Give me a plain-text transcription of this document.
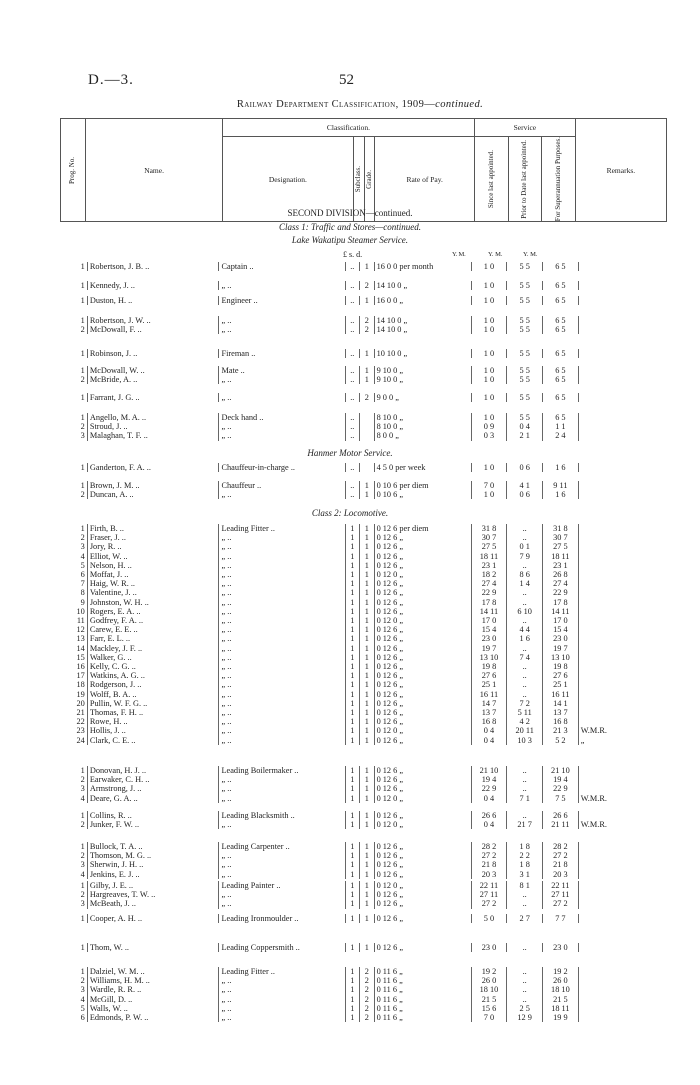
D.—3.	52
Railway Department Classification, 1909—continued.
Prog. No.	Name.	Classification.				Service			Remarks.
		Designation.	Subclass.	Grade.	Rate of Pay.	Since last appointed.	Prior to Date last appointed.	For Superannuation Purposes.	
SECOND DIVISION—continued.
Class 1: Traffic and Stores—continued.
Lake Wakatipu Steamer Service.
£ s. d.	Y. M.	Y. M.	Y. M.
Hanmer Motor Service.
Class 2: Locomotive.
1	Robertson, J. B. ..	Captain ..	..	1	16 0 0 per month	1 0	5 5	6 5	
1	Kennedy, J. ..	„ ..	..	2	14 10 0 „	1 0	5 5	6 5	
1	Duston, H. ..	Engineer ..	..	1	16 0 0 „	1 0	5 5	6 5	
1	Robertson, J. W. ..	„ ..	..	2	14 10 0 „	1 0	5 5	6 5	
2	McDowall, F. ..	„ ..	..	2	14 10 0 „	1 0	5 5	6 5	
1	Robinson, J. ..	Fireman ..	..	1	10 10 0 „	1 0	5 5	6 5	
1	McDowall, W. ..	Mate ..	..	1	9 10 0 „	1 0	5 5	6 5	
2	McBride, A. ..	„ ..	..	1	9 10 0 „	1 0	5 5	6 5	
1	Farrant, J. G. ..	„ ..	..	2	9 0 0 „	1 0	5 5	6 5	
1	Angello, M. A. ..	Deck hand ..	..		8 10 0 „	1 0	5 5	6 5	
2	Stroud, J. ..	„ ..	..		8 10 0 „	0 9	0 4	1 1	
3	Malaghan, T. F. ..	„ ..	..		8 0 0 „	0 3	2 1	2 4	
1	Ganderton, F. A. ..	Chauffeur-in-charge ..	..		4 5 0 per week	1 0	0 6	1 6	
1	Brown, J. M. ..	Chauffeur ..	..	1	0 10 6 per diem	7 0	4 1	9 11	
2	Duncan, A. ..	„ ..	..	1	0 10 6 „	1 0	0 6	1 6	
1	Firth, B. ..	Leading Fitter ..	1	1	0 12 6 per diem	31 8	..	31 8	
2	Fraser, J. ..	„ ..	1	1	0 12 6 „	30 7	..	30 7	
3	Jory, R. ..	„ ..	1	1	0 12 6 „	27 5	0 1	27 5	
4	Elliot, W. ..	„ ..	1	1	0 12 6 „	18 11	7 9	18 11	
5	Nelson, H. ..	„ ..	1	1	0 12 6 „	23 1	..	23 1	
6	Moffat, J. ..	„ ..	1	1	0 12 0 „	18 2	8 6	26 8	
7	Haig, W. R. ..	„ ..	1	1	0 12 6 „	27 4	1 4	27 4	
8	Valentine, J. ..	„ ..	1	1	0 12 6 „	22 9	..	22 9	
9	Johnston, W. H. ..	„ ..	1	1	0 12 6 „	17 8	..	17 8	
10	Rogers, E. A. ..	„ ..	1	1	0 12 6 „	14 11	6 10	14 11	
11	Godfrey, F. A. ..	„ ..	1	1	0 12 0 „	17 0	..	17 0	
12	Carew, E. E. ..	„ ..	1	1	0 12 6 „	15 4	4 4	15 4	
13	Farr, E. L. ..	„ ..	1	1	0 12 6 „	23 0	1 6	23 0	
14	Mackley, J. F. ..	„ ..	1	1	0 12 6 „	19 7	..	19 7	
15	Walker, G. ..	„ ..	1	1	0 12 6 „	13 10	7 4	13 10	
16	Kelly, C. G. ..	„ ..	1	1	0 12 6 „	19 8	..	19 8	
17	Watkins, A. G. ..	„ ..	1	1	0 12 6 „	27 6	..	27 6	
18	Rodgerson, J. ..	„ ..	1	1	0 12 6 „	25 1	..	25 1	
19	Wolff, B. A. ..	„ ..	1	1	0 12 6 „	16 11	..	16 11	
20	Pullin, W. F. G. ..	„ ..	1	1	0 12 6 „	14 7	7 2	14 1	
21	Thomas, F. H. ..	„ ..	1	1	0 12 6 „	13 7	5 11	13 7	
22	Rowe, H. ..	„ ..	1	1	0 12 6 „	16 8	4 2	16 8	
23	Hollis, J. ..	„ ..	1	1	0 12 0 „	0 4	20 11	21 3	W.M.R.
24	Clark, C. E. ..	„ ..	1	1	0 12 6 „	0 4	10 3	5 2	„
1	Donovan, H. J. ..	Leading Boilermaker ..	1	1	0 12 6 „	21 10	..	21 10	
2	Earwaker, C. H. ..	„ ..	1	1	0 12 6 „	19 4	..	19 4	
3	Armstrong, J. ..	„ ..	1	1	0 12 6 „	22 9	..	22 9	
4	Deare, G. A. ..	„ ..	1	1	0 12 0 „	0 4	7 1	7 5	W.M.R.
1	Collins, R. ..	Leading Blacksmith ..	1	1	0 12 6 „	26 6	..	26 6	
2	Junker, F. W. ..	„ ..	1	1	0 12 0 „	0 4	21 7	21 11	W.M.R.
1	Bullock, T. A. ..	Leading Carpenter ..	1	1	0 12 6 „	28 2	1 8	28 2	
2	Thomson, M. G. ..	„ ..	1	1	0 12 6 „	27 2	2 2	27 2	
3	Sherwin, J. H. ..	„ ..	1	1	0 12 6 „	21 8	1 8	21 8	
4	Jenkins, E. J. ..	„ ..	1	1	0 12 6 „	20 3	3 1	20 3	
1	Gilby, J. E. ..	Leading Painter ..	1	1	0 12 0 „	22 11	8 1	22 11	
2	Hargreaves, T. W. ..	„ ..	1	1	0 12 6 „	27 11	..	27 11	
3	McBeath, J. ..	„ ..	1	1	0 12 6 „	27 2	..	27 2	
1	Cooper, A. H. ..	Leading Ironmoulder ..	1	1	0 12 6 „	5 0	2 7	7 7	
1	Thom, W. ..	Leading Coppersmith ..	1	1	0 12 6 „	23 0	..	23 0	
1	Dalziel, W. M. ..	Leading Fitter ..	1	2	0 11 6 „	19 2	..	19 2	
2	Williams, H. M. ..	„ ..	1	2	0 11 6 „	26 0	..	26 0	
3	Wardle, R. R. ..	„ ..	1	2	0 11 6 „	18 10	..	18 10	
4	McGill, D. ..	„ ..	1	2	0 11 6 „	21 5	..	21 5	
5	Walls, W. ..	„ ..	1	2	0 11 6 „	15 6	2 5	18 11	
6	Edmonds, P. W. ..	„ ..	1	2	0 11 6 „	7 0	12 9	19 9	
